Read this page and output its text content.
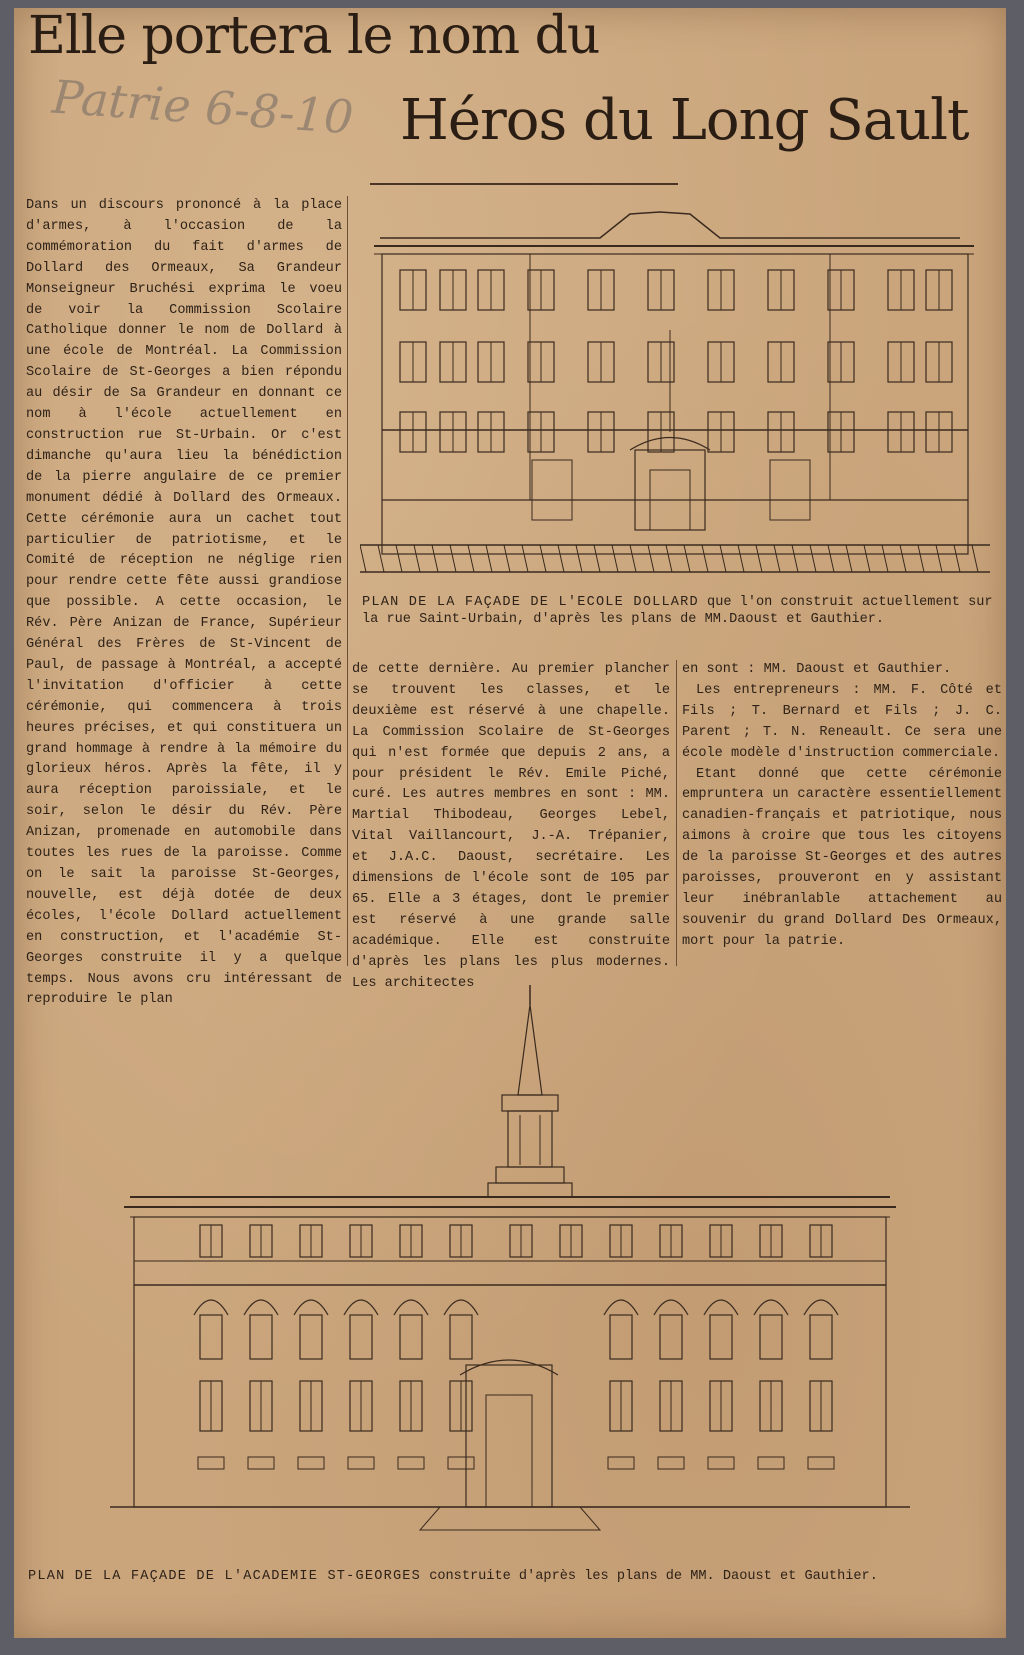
Elle portera le nom du
Patrie 6-8-10 Héros du Long Sault
PLAN DE LA FAÇADE DE L'ECOLE DOLLARD que l'on construit actuellement sur la rue Saint-Urbain, d'après les plans de MM.Daoust et Gauthier.

Dans un discours prononcé à la place d'armes, à l'occasion de la commémoration du fait d'armes de Dollard des Ormeaux, Sa Grandeur Monseigneur Bruchési exprima le voeu de voir la Commission Scolaire Catholique donner le nom de Dollard à une école de Montréal. La Commission Scolaire de St-Georges a bien répondu au désir de Sa Grandeur en donnant ce nom à l'école actuellement en construction rue St-Urbain. Or c'est dimanche qu'aura lieu la bénédiction de la pierre angulaire de ce premier monument dédié à Dollard des Ormeaux. Cette cérémonie aura un cachet tout particulier de patriotisme, et le Comité de réception ne néglige rien pour rendre cette fête aussi grandiose que possible. A cette occasion, le Rév. Père Anizan de France, Supérieur Général des Frères de St-Vincent de Paul, de passage à Montréal, a accepté l'invitation d'officier à cette cérémonie, qui commencera à trois heures précises, et qui constituera un grand hommage à rendre à la mémoire du glorieux héros. Après la fête, il y aura réception paroissiale, et le soir, selon le désir du Rév. Père Anizan, promenade en automobile dans toutes les rues de la paroisse. Comme on le sait la paroisse St-Georges, nouvelle, est déjà dotée de deux écoles, l'école Dollard actuellement en construction, et l'académie St-Georges construite il y a quelque temps. Nous avons cru intéressant de reproduire le plan

de cette dernière. Au premier plancher se trouvent les classes, et le deuxième est réservé à une chapelle. La Commission Scolaire de St-Georges qui n'est formée que depuis 2 ans, a pour président le Rév. Emile Piché, curé. Les autres membres en sont : MM. Martial Thibodeau, Georges Lebel, Vital Vaillancourt, J.-A. Trépanier, et J.A.C. Daoust, secrétaire. Les dimensions de l'école sont de 105 par 65. Elle a 3 étages, dont le premier est réservé à une grande salle académique. Elle est construite d'après les plans les plus modernes. Les architectes

en sont : MM. Daoust et Gauthier.

Les entrepreneurs : MM. F. Côté et Fils ; T. Bernard et Fils ; J. C. Parent ; T. N. Reneault. Ce sera une école modèle d'instruction commerciale.

Etant donné que cette cérémonie empruntera un caractère essentiellement canadien-français et patriotique, nous aimons à croire que tous les citoyens de la paroisse St-Georges et des autres paroisses, prouveront en y assistant leur inébranlable attachement au souvenir du grand Dollard Des Ormeaux, mort pour la patrie.

PLAN DE LA FAÇADE DE L'ACADEMIE ST-GEORGES construite d'après les plans de MM. Daoust et Gauthier.
